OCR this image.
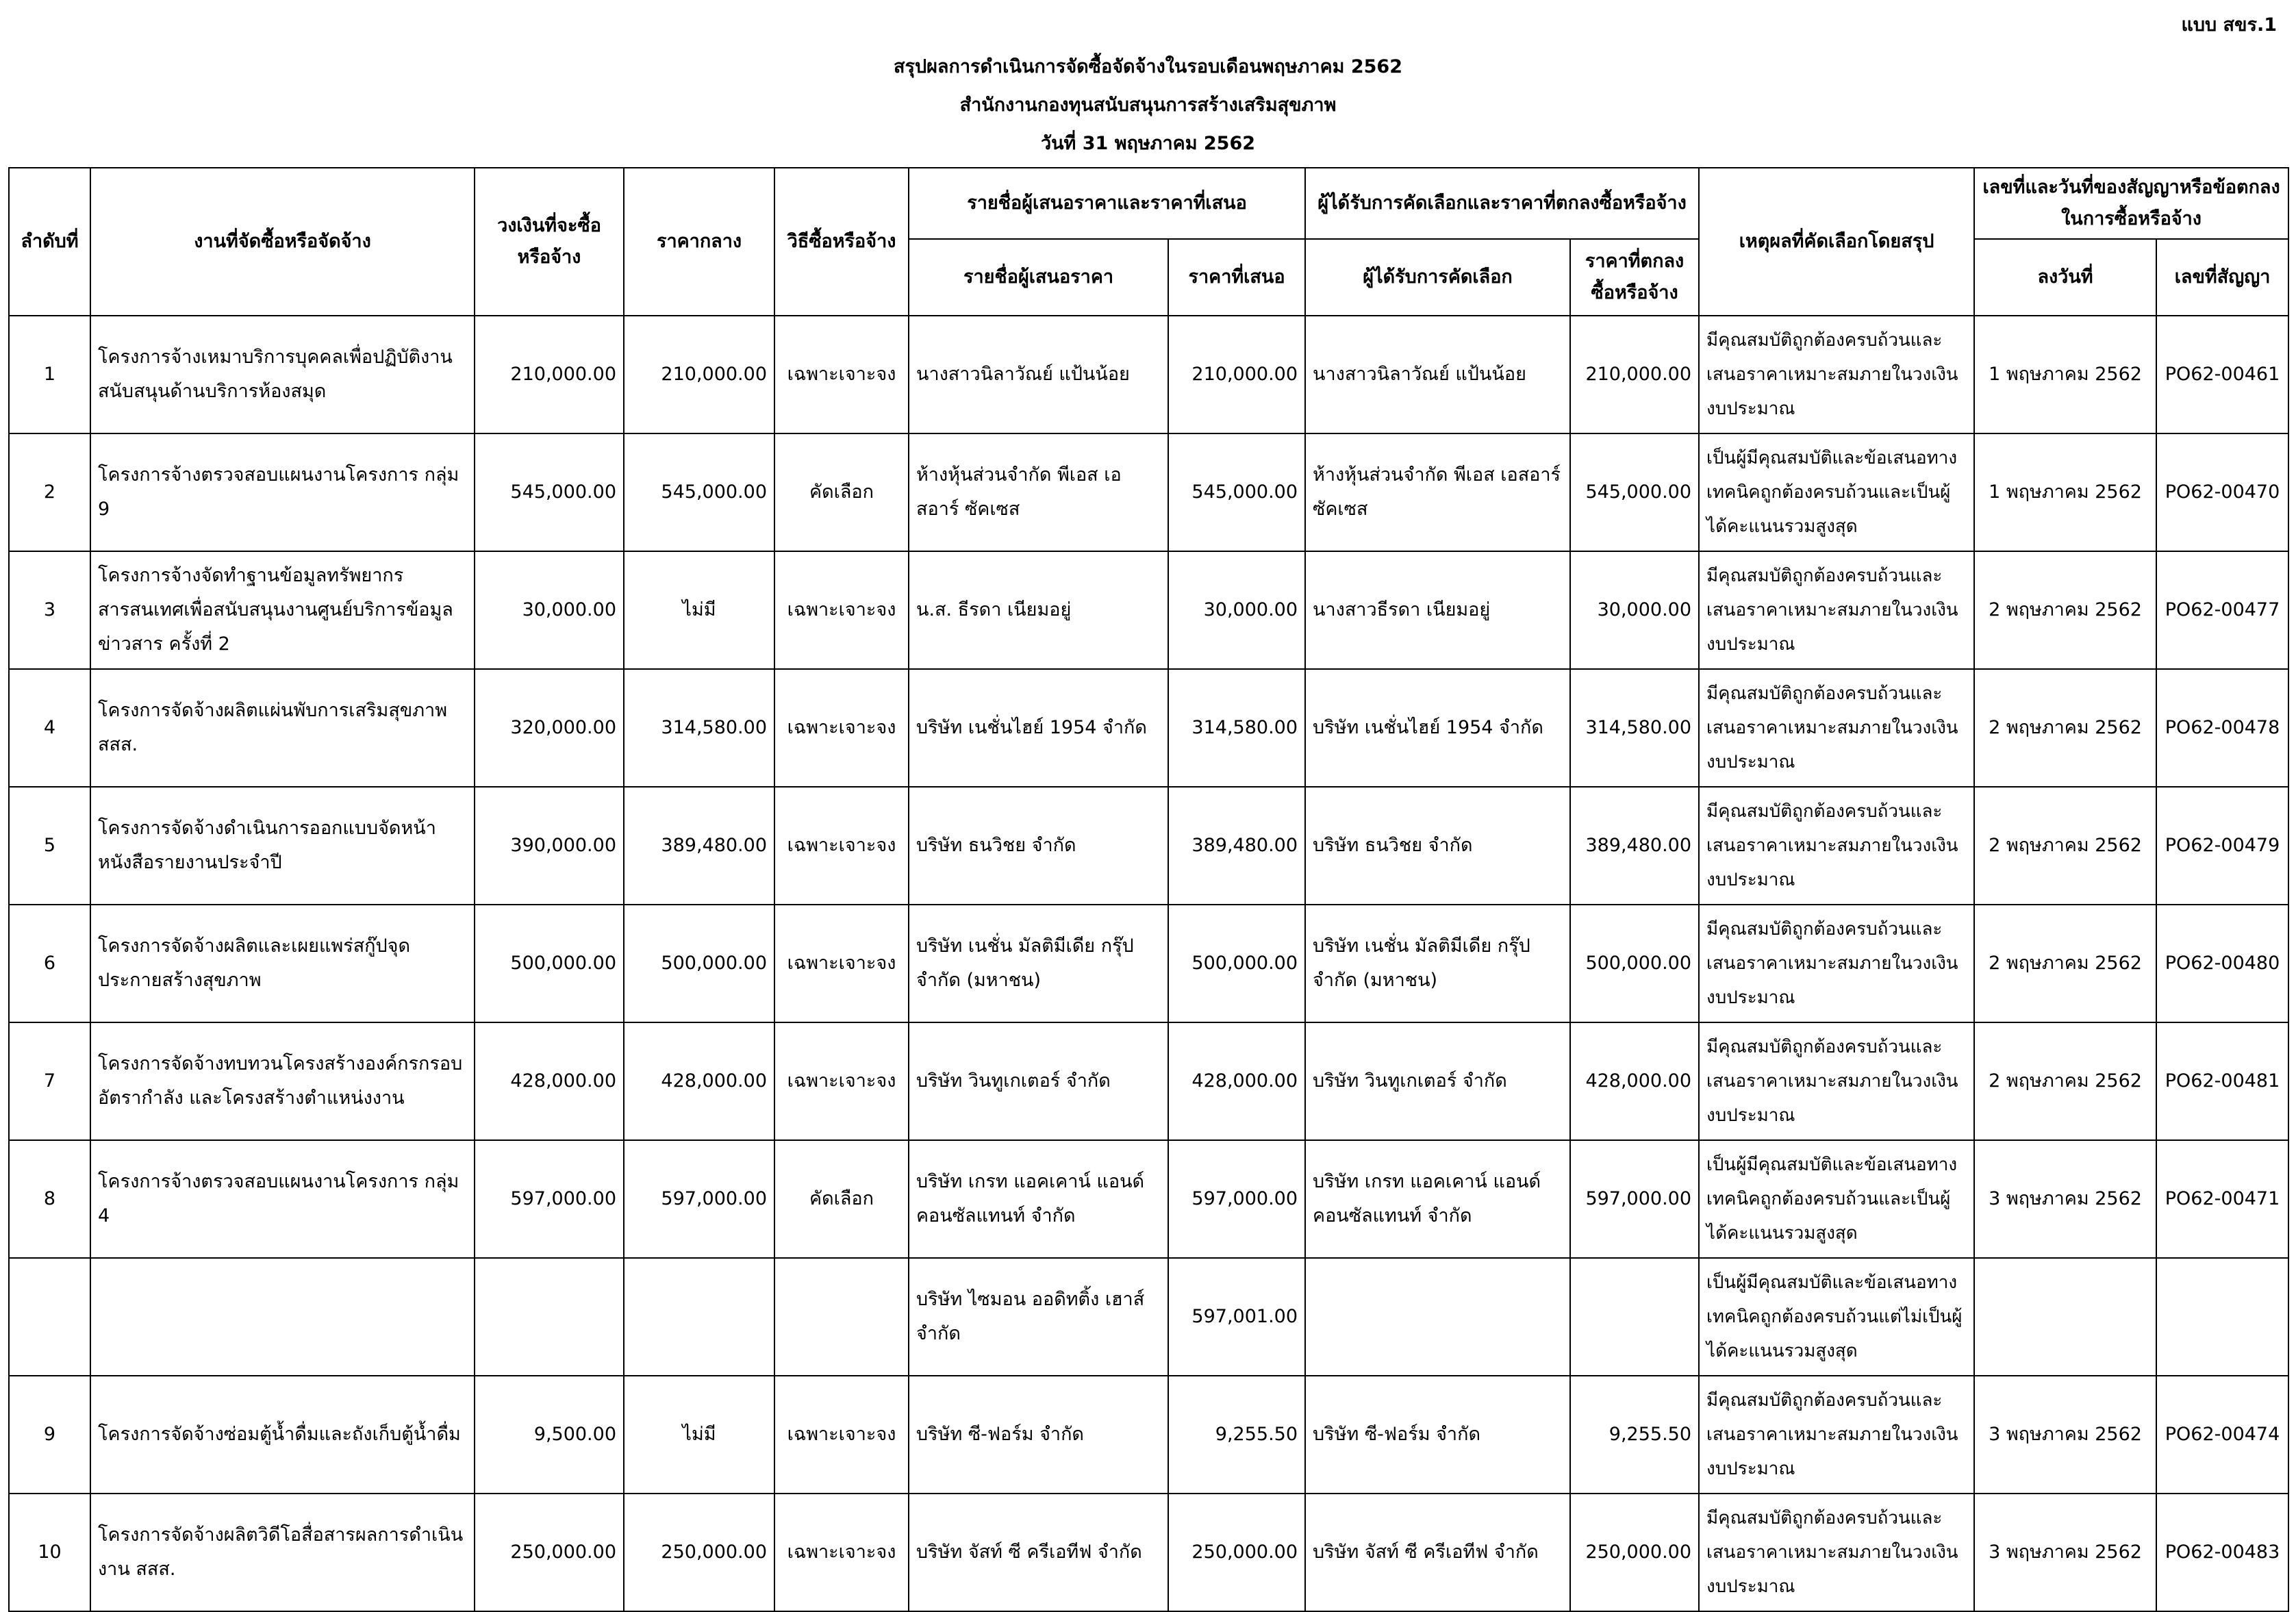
แบบ สขร.1
สรุปผลการดำเนินการจัดซื้อจัดจ้างในรอบเดือนพฤษภาคม 2562
สำนักงานกองทุนสนับสนุนการสร้างเสริมสุขภาพ
วันที่ 31 พฤษภาคม 2562
ลำดับที่	งานที่จัดซื้อหรือจัดจ้าง	วงเงินที่จะซื้อหรือจ้าง	ราคากลาง	วิธีซื้อหรือจ้าง	รายชื่อผู้เสนอราคาและราคาที่เสนอ		ผู้ได้รับการคัดเลือกและราคาที่ตกลงซื้อหรือจ้าง		เหตุผลที่คัดเลือกโดยสรุป	เลขที่และวันที่ของสัญญาหรือข้อตกลงในการซื้อหรือจ้าง	
					รายชื่อผู้เสนอราคา	ราคาที่เสนอ	ผู้ได้รับการคัดเลือก	ราคาที่ตกลงซื้อหรือจ้าง		ลงวันที่	เลขที่สัญญา
1	โครงการจ้างเหมาบริการบุคคลเพื่อปฏิบัติงานสนับสนุนด้านบริการห้องสมุด	210,000.00	210,000.00	เฉพาะเจาะจง	นางสาวนิลาวัณย์ แป้นน้อย	210,000.00	นางสาวนิลาวัณย์ แป้นน้อย	210,000.00	มีคุณสมบัติถูกต้องครบถ้วนและเสนอราคาเหมาะสมภายในวงเงินงบประมาณ	1 พฤษภาคม 2562	PO62-00461
2	โครงการจ้างตรวจสอบแผนงานโครงการ กลุ่ม 9	545,000.00	545,000.00	คัดเลือก	ห้างหุ้นส่วนจำกัด พีเอส เอสอาร์ ซัคเซส	545,000.00	ห้างหุ้นส่วนจำกัด พีเอส เอสอาร์ ซัคเซส	545,000.00	เป็นผู้มีคุณสมบัติและข้อเสนอทางเทคนิคถูกต้องครบถ้วนและเป็นผู้ได้คะแนนรวมสูงสุด	1 พฤษภาคม 2562	PO62-00470
3	โครงการจ้างจัดทำฐานข้อมูลทรัพยากรสารสนเทศเพื่อสนับสนุนงานศูนย์บริการข้อมูลข่าวสาร ครั้งที่ 2	30,000.00	ไม่มี	เฉพาะเจาะจง	น.ส. ธีรดา เนียมอยู่	30,000.00	นางสาวธีรดา เนียมอยู่	30,000.00	มีคุณสมบัติถูกต้องครบถ้วนและเสนอราคาเหมาะสมภายในวงเงินงบประมาณ	2 พฤษภาคม 2562	PO62-00477
4	โครงการจัดจ้างผลิตแผ่นพับการเสริมสุขภาพ สสส.	320,000.00	314,580.00	เฉพาะเจาะจง	บริษัท เนชั่นไฮย์ 1954 จำกัด	314,580.00	บริษัท เนชั่นไฮย์ 1954 จำกัด	314,580.00	มีคุณสมบัติถูกต้องครบถ้วนและเสนอราคาเหมาะสมภายในวงเงินงบประมาณ	2 พฤษภาคม 2562	PO62-00478
5	โครงการจัดจ้างดำเนินการออกแบบจัดหน้าหนังสือรายงานประจำปี	390,000.00	389,480.00	เฉพาะเจาะจง	บริษัท ธนวิชย จำกัด	389,480.00	บริษัท ธนวิชย จำกัด	389,480.00	มีคุณสมบัติถูกต้องครบถ้วนและเสนอราคาเหมาะสมภายในวงเงินงบประมาณ	2 พฤษภาคม 2562	PO62-00479
6	โครงการจัดจ้างผลิตและเผยแพร่สกู๊ปจุดประกายสร้างสุขภาพ	500,000.00	500,000.00	เฉพาะเจาะจง	บริษัท เนชั่น มัลติมีเดีย กรุ๊ป จำกัด (มหาชน)	500,000.00	บริษัท เนชั่น มัลติมีเดีย กรุ๊ป จำกัด (มหาชน)	500,000.00	มีคุณสมบัติถูกต้องครบถ้วนและเสนอราคาเหมาะสมภายในวงเงินงบประมาณ	2 พฤษภาคม 2562	PO62-00480
7	โครงการจัดจ้างทบทวนโครงสร้างองค์กรกรอบอัตรากำลัง และโครงสร้างตำแหน่งงาน	428,000.00	428,000.00	เฉพาะเจาะจง	บริษัท วินทูเกเตอร์ จำกัด	428,000.00	บริษัท วินทูเกเตอร์ จำกัด	428,000.00	มีคุณสมบัติถูกต้องครบถ้วนและเสนอราคาเหมาะสมภายในวงเงินงบประมาณ	2 พฤษภาคม 2562	PO62-00481
8	โครงการจ้างตรวจสอบแผนงานโครงการ กลุ่ม 4	597,000.00	597,000.00	คัดเลือก	บริษัท เกรท แอคเคาน์ แอนด์ คอนซัลแทนท์ จำกัด	597,000.00	บริษัท เกรท แอคเคาน์ แอนด์ คอนซัลแทนท์ จำกัด	597,000.00	เป็นผู้มีคุณสมบัติและข้อเสนอทางเทคนิคถูกต้องครบถ้วนและเป็นผู้ได้คะแนนรวมสูงสุด	3 พฤษภาคม 2562	PO62-00471
					บริษัท ไซมอน ออดิทติ้ง เฮาส์ จำกัด	597,001.00			เป็นผู้มีคุณสมบัติและข้อเสนอทางเทคนิคถูกต้องครบถ้วนแต่ไม่เป็นผู้ได้คะแนนรวมสูงสุด		
9	โครงการจัดจ้างซ่อมตู้น้ำดื่มและถังเก็บตู้น้ำดื่ม	9,500.00	ไม่มี	เฉพาะเจาะจง	บริษัท ซี-ฟอร์ม จำกัด	9,255.50	บริษัท ซี-ฟอร์ม จำกัด	9,255.50	มีคุณสมบัติถูกต้องครบถ้วนและเสนอราคาเหมาะสมภายในวงเงินงบประมาณ	3 พฤษภาคม 2562	PO62-00474
10	โครงการจัดจ้างผลิตวิดีโอสื่อสารผลการดำเนินงาน สสส.	250,000.00	250,000.00	เฉพาะเจาะจง	บริษัท จัสท์ ซี ครีเอทีฟ จำกัด	250,000.00	บริษัท จัสท์ ซี ครีเอทีฟ จำกัด	250,000.00	มีคุณสมบัติถูกต้องครบถ้วนและเสนอราคาเหมาะสมภายในวงเงินงบประมาณ	3 พฤษภาคม 2562	PO62-00483
